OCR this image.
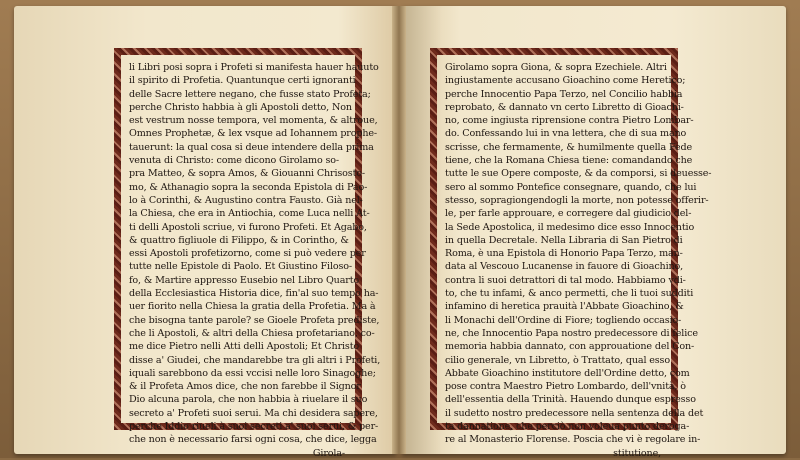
li Libri posi sopra i Profeti si manifesta hauer hauuto
il spirito di Profetia. Quantunque certi ignoranti
delle Sacre lettere negano, che fusse stato Profeta;
perche Christo habbia à gli Apostoli detto, Non
est vestrum nosse tempora, vel momenta, & altroue,
Omnes Prophetæ, & lex vsque ad Iohannem prophe-
tauerunt: la qual cosa si deue intendere della prima
venuta di Christo: come dicono Girolamo so-
pra Matteo, & sopra Amos, & Giouanni Chrisosto-
mo, & Athanagio sopra la seconda Epistola di Pao-
lo à Corinthi, & Augustino contra Fausto. Già nel-
la Chiesa, che era in Antiochia, come Luca nelli At-
ti delli Apostoli scriue, vi furono Profeti. Et Agabo,
& quattro figliuole di Filippo, & in Corintho, &
essi Apostoli profetizorno, come si può vedere per
tutte nelle Epistole di Paolo. Et Giustino Filoso-
fo, & Martire appresso Eusebio nel Libro Quarto
della Ecclesiastica Historia dice, fin'al suo tempo ha-
uer fiorito nella Chiesa la gratia della Profetia. Ma à
che bisogna tante parole? se Gioele Profeta prediste,
che li Apostoli, & altri della Chiesa profetariano, co-
me dice Pietro nelli Atti delli Apostoli; Et Christo
disse a' Giudei, che mandarebbe tra gli altri i Profeti,
iquali sarebbono da essi vccisi nelle loro Sinagoghe;
& il Profeta Amos dice, che non farebbe il Signor
Dio alcuna parola, che non habbia à riuelare il suo
secreto a' Profeti suoi serui. Ma chi desidera sapere,
perche Iddio riueli à suoi secreti a' suoi serui, & per-
che non è necessario farsi ogni cosa, che dice, legga
Girola-
Girolamo sopra Giona, & sopra Ezechiele. Altri
ingiustamente accusano Gioachino come Heretico;
perche Innocentio Papa Terzo, nel Concilio habbia
reprobato, & dannato vn certo Libretto di Gioachi-
no, come ingiusta riprensione contra Pietro Lombar-
do. Confessando lui in vna lettera, che di sua mano
scrisse, che fermamente, & humilmente quella Fede
tiene, che la Romana Chiesa tiene: comandando che
tutte le sue Opere composte, & da comporsi, si deuesse-
sero al sommo Pontefice consegnare, quando, che lui
stesso, sopragiongendogli la morte, non potesse offerir-
le, per farle approuare, e corregere dal giudicio del-
la Sede Apostolica, il medesimo dice esso Innocentio
in quella Decretale. Nella Libraria di San Pietro di
Roma, è una Epistola di Honorio Papa Terzo, man-
data al Vescouo Lucanense in fauore di Gioachino,
contra li suoi detrattori di tal modo. Habbiamo vdi-
to, che tu infami, & anco permetti, che li tuoi sudditi
infamino di heretica prauità l'Abbate Gioachino, &
li Monachi dell'Ordine di Fiore; togliendo occasio-
ne, che Innocentio Papa nostro predecessore di felice
memoria habbia dannato, con approuatione del Con-
cilio generale, vn Libretto, ò Trattato, qual esso
Abbate Gioachino institutore dell'Ordine detto, com
pose contra Maestro Pietro Lombardo, dell'vnità, ò
dell'essentia della Trinità. Hauendo dunque espresso
il sudetto nostro predecessore nella sentenza della det
ta dannatione, che perciò non voleua punto deroga-
re al Monasterio Florense. Poscia che vi è regolare in-
stitutione,
